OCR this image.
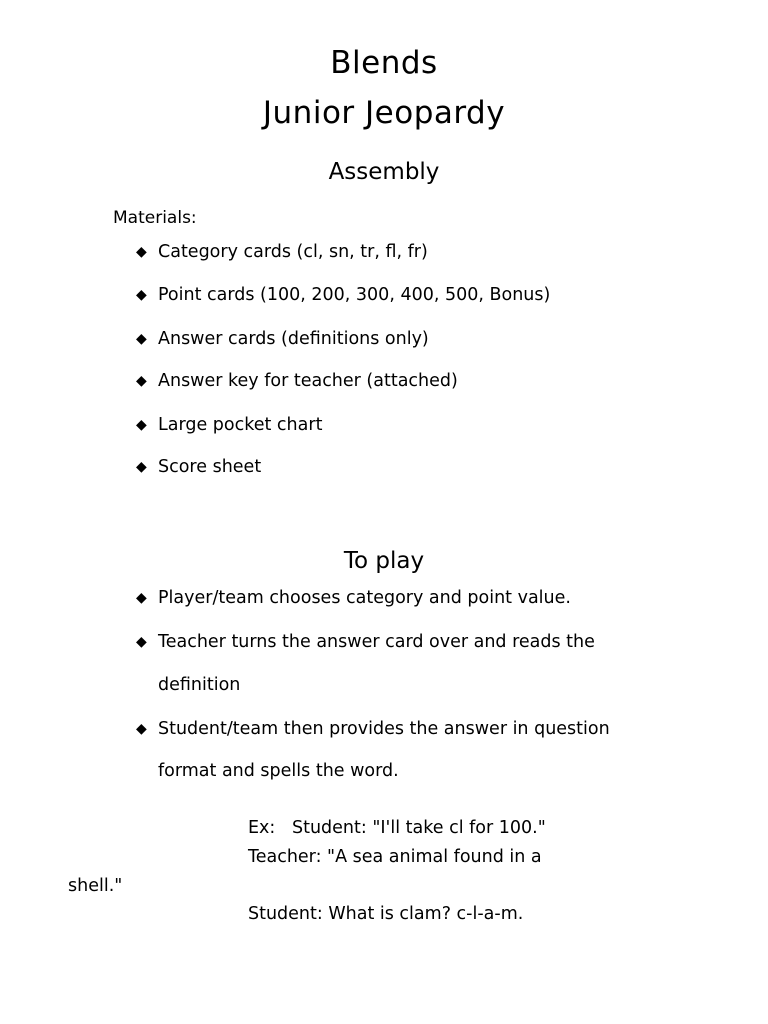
Blends
Junior Jeopardy
Assembly
Materials:
◆ Category cards (cl, sn, tr, fl, fr)
◆ Point cards (100, 200, 300, 400, 500, Bonus)
◆ Answer cards (definitions only)
◆ Answer key for teacher (attached)
◆ Large pocket chart
◆ Score sheet
To play
◆ Player/team chooses category and point value.
◆ Teacher turns the answer card over and reads the
definition
◆ Student/team then provides the answer in question
format and spells the word.
Ex:   Student: "I'll take cl for 100."
Teacher: "A sea animal found in a
shell."
Student: What is clam? c-l-a-m.
